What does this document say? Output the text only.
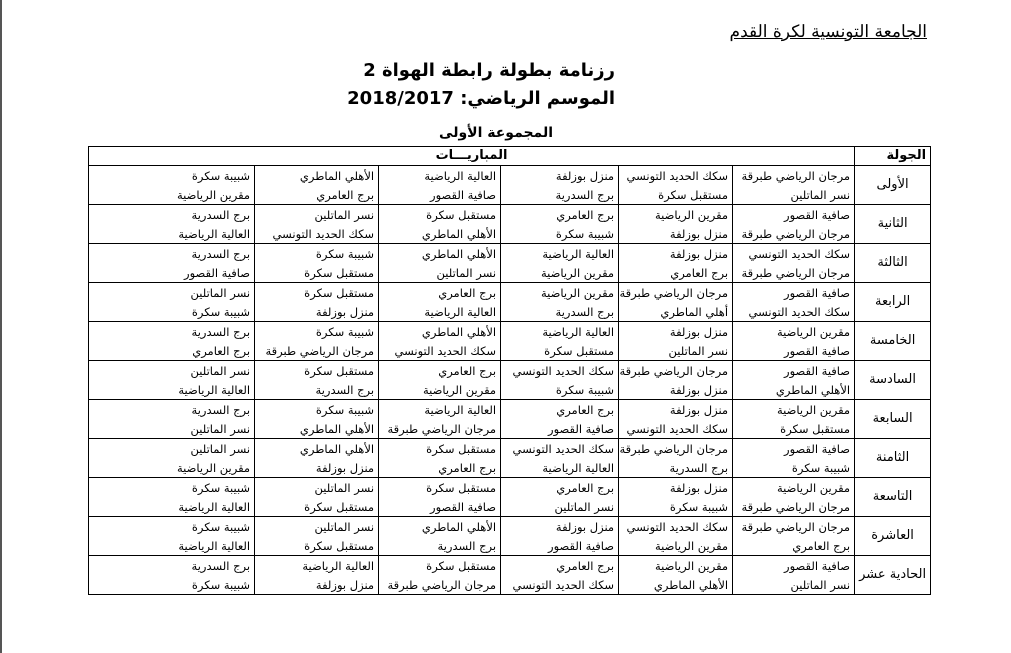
الجامعة التونسية لكرة القدم
رزنامة بطولة رابطة الهواة 2
الموسم الرياضي: 2018/2017
المجموعة الأولى
الجولة	المباريـــات					
الأولى	مرجان الرياضي طبرقة	سكك الحديد التونسي	منزل بوزلفة	العالية الرياضية	الأهلي الماطري	شبيبة سكرة
	نسر الماتلين	مستقبل سكرة	برج السدرية	صافية القصور	برج العامري	مقرين الرياضية
الثانية	صافية القصور	مقرين الرياضية	برج العامري	مستقبل سكرة	نسر الماتلين	برج السدرية
	مرجان الرياضي طبرقة	منزل بوزلفة	شبيبة سكرة	الأهلي الماطري	سكك الحديد التونسي	العالية الرياضية
الثالثة	سكك الحديد التونسي	منزل بوزلفة	العالية الرياضية	الأهلي الماطري	شبيبة سكرة	برج السدرية
	مرجان الرياضي طبرقة	برج العامري	مقرين الرياضية	نسر الماتلين	مستقبل سكرة	صافية القصور
الرابعة	صافية القصور	مرجان الرياضي طبرقة	مقرين الرياضية	برج العامري	مستقبل سكرة	نسر الماتلين
	سكك الحديد التونسي	أهلي الماطري	برج السدرية	العالية الرياضية	منزل بوزلفة	شبيبة سكرة
الخامسة	مقرين الرياضية	منزل بوزلفة	العالية الرياضية	الأهلي الماطري	شبيبة سكرة	برج السدرية
	صافية القصور	نسر الماتلين	مستقبل سكرة	سكك الحديد التونسي	مرجان الرياضي طبرقة	برج العامري
السادسة	صافية القصور	مرجان الرياضي طبرقة	سكك الحديد التونسي	برج العامري	مستقبل سكرة	نسر الماتلين
	الأهلي الماطري	منزل بوزلفة	شبيبة سكرة	مقرين الرياضية	برج السدرية	العالية الرياضية
السابعة	مقرين الرياضية	منزل بوزلفة	برج العامري	العالية الرياضية	شبيبة سكرة	برج السدرية
	مستقبل سكرة	سكك الحديد التونسي	صافية القصور	مرجان الرياضي طبرقة	الأهلي الماطري	نسر الماتلين
الثامنة	صافية القصور	مرجان الرياضي طبرقة	سكك الحديد التونسي	مستقبل سكرة	الأهلي الماطري	نسر الماتلين
	شبيبة سكرة	برج السدرية	العالية الرياضية	برج العامري	منزل بوزلفة	مقرين الرياضية
التاسعة	مقرين الرياضية	منزل بوزلفة	برج العامري	مستقبل سكرة	نسر الماتلين	شبيبة سكرة
	مرجان الرياضي طبرقة	شبيبة سكرة	نسر الماتلين	صافية القصور	مستقبل سكرة	العالية الرياضية
العاشرة	مرجان الرياضي طبرقة	سكك الحديد التونسي	منزل بوزلفة	الأهلي الماطري	نسر الماتلين	شبيبة سكرة
	برج العامري	مقرين الرياضية	صافية القصور	برج السدرية	مستقبل سكرة	العالية الرياضية
الحادية عشر	صافية القصور	مقرين الرياضية	برج العامري	مستقبل سكرة	العالية الرياضية	برج السدرية
	نسر الماتلين	الأهلي الماطري	سكك الحديد التونسي	مرجان الرياضي طبرقة	منزل بوزلفة	شبيبة سكرة
